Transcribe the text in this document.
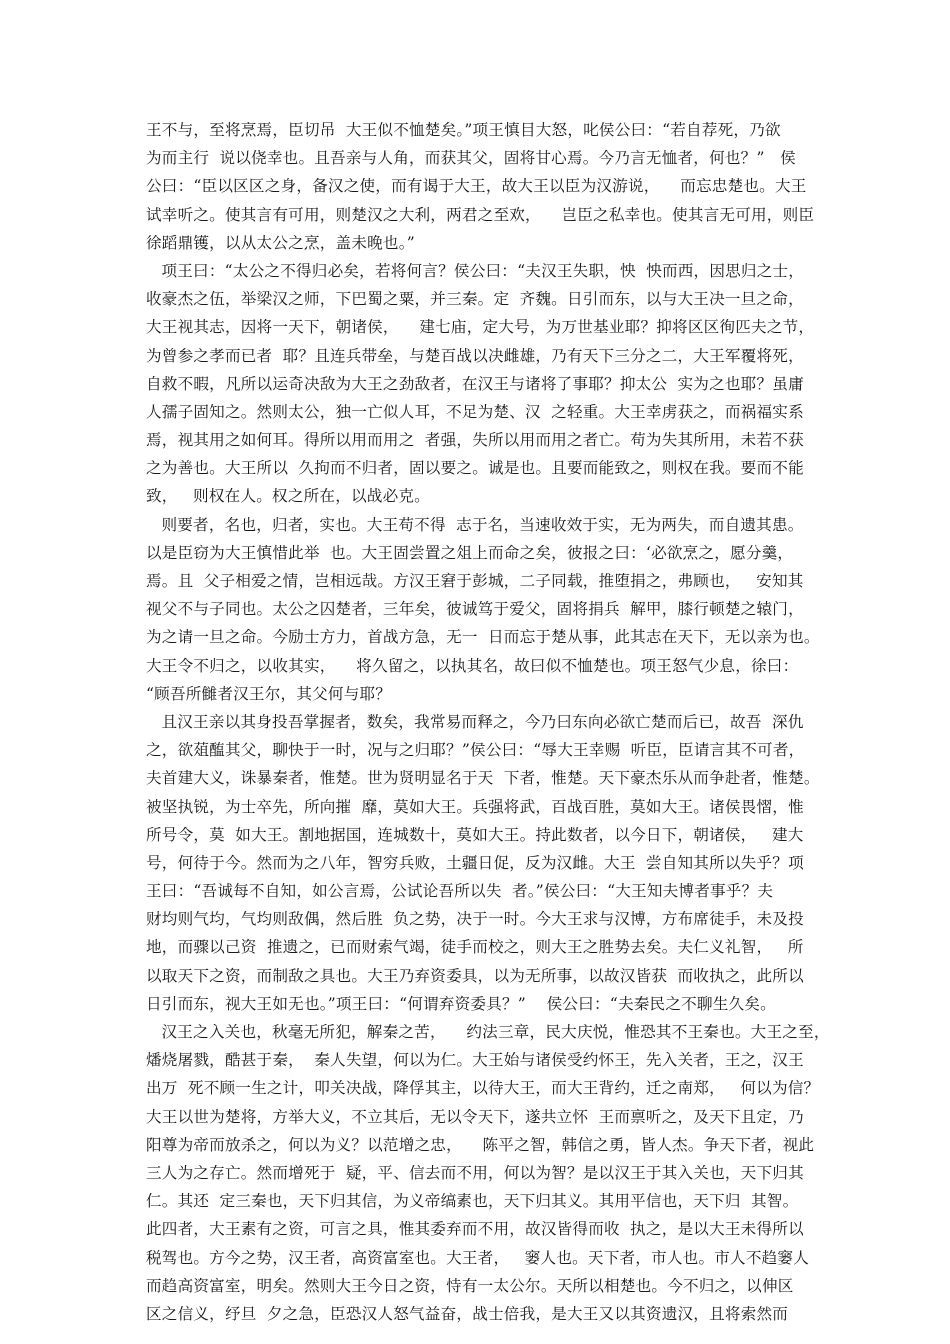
王不与，至将烹焉，臣切吊  大王似不恤楚矣。”项王慎目大怒，叱侯公曰：“若自荐死，乃欲
为而主行  说以侥幸也。且吾亲与人角，而获其父，固将甘心焉。今乃言无恤者，何也？”   侯
公曰：“臣以区区之身，备汉之使，而有谒于大王，故大王以臣为汉游说，    而忘忠楚也。大王
试幸听之。使其言有可用，则楚汉之大利，两君之至欢，    岂臣之私幸也。使其言无可用，则臣
徐蹈鼎镬，以从太公之烹，盖未晚也。”
项王曰：“太公之不得归必矣，若将何言？侯公曰：“夫汉王失职，怏  怏而西，因思归之士，
收豪杰之伍，举梁汉之师，下巴蜀之粟，并三秦。定  齐魏。日引而东，以与大王决一旦之命，
大王视其志，因将一天下，朝诸侯，    建七庙，定大号，为万世基业耶？抑将区区徇匹夫之节，
为曾参之孝而已者  耶？且连兵带垒，与楚百战以决雌雄，乃有天下三分之二，大王军覆将死，
自救不暇，凡所以运奇决敌为大王之劲敌者，在汉王与诸将了事耶？抑太公  实为之也耶？虽庸
人孺子固知之。然则太公，独一亡似人耳，不足为楚、汉  之轻重。大王幸虏获之，而祸福实系
焉，视其用之如何耳。得所以用而用之  者强，失所以用而用之者亡。苟为失其所用，未若不获
之为善也。大王所以  久拘而不归者，固以要之。诚是也。且要而能致之，则权在我。要而不能
致，   则权在人。权之所在，以战必克。
则要者，名也，归者，实也。大王苟不得  志于名，当速收效于实，无为两失，而自遗其患。
以是臣窃为大王慎惜此举  也。大王固尝置之俎上而命之矣，彼报之曰：‘必欲烹之，愿分羹，
焉。且  父子相爱之情，岂相远哉。方汉王窘于彭城，二子同载，推堕捐之，弗顾也，   安知其
视父不与子同也。太公之囚楚者，三年矣，彼诚笃于爱父，固将捐兵  解甲，膝行顿楚之辕门，
为之请一旦之命。今励士方力，首战方急，无一  日而忘于楚从事，此其志在天下，无以亲为也。
大王令不归之，以收其实，    将久留之，以执其名，故曰似不恤楚也。项王怒气少息，徐曰：
“顾吾所雠者汉王尔，其父何与耶？
且汉王亲以其身投吾掌握者，数矣，我常易而释之，今乃曰东向必欲亡楚而后已，故吾  深仇
之，欲葅醢其父，聊快于一时，况与之归耶？”侯公曰：“辱大王幸赐  听臣，臣请言其不可者，
夫首建大义，诛暴秦者，惟楚。世为贤明显名于天  下者，惟楚。天下豪杰乐从而争赴者，惟楚。
被坚执锐，为士卒先，所向摧  靡，莫如大王。兵强将武，百战百胜，莫如大王。诸侯畏慴，惟
所号令，莫  如大王。割地据国，连城数十，莫如大王。持此数者，以今日下，朝诸侯，   建大
号，何待于今。然而为之八年，智穷兵败，土疆日促，反为汉雌。大王  尝自知其所以失乎？项
王曰：“吾诚每不自知，如公言焉，公试论吾所以失  者。”侯公曰：“大王知夫博者事乎？夫
财均则气均，气均则敌偶，然后胜  负之势，决于一时。今大王求与汉博，方布席徒手，未及投
地，而骤以己资  推遗之，已而财索气竭，徒手而校之，则大王之胜势去矣。夫仁义礼智，   所
以取天下之资，而制敌之具也。大王乃弃资委具，以为无所事，以故汉皆获  而收执之，此所以
日引而东，视大王如无也。”项王曰：“何谓弃资委具？”    侯公曰：“夫秦民之不聊生久矣。
汉王之入关也，秋毫无所犯，解秦之苦，    约法三章，民大庆悦，惟恐其不王秦也。大王之至，
燔烧屠戮，酷甚于秦，  秦人失望，何以为仁。大王始与诸侯受约怀王，先入关者，王之，汉王
出万  死不顾一生之计，叩关决战，降俘其主，以待大王，而大王背约，迁之南郑，   何以为信？
大王以世为楚将，方举大义，不立其后，无以令天下，遂共立怀  王而禀听之，及天下且定，乃
阳尊为帝而放杀之，何以为义？以范增之忠，    陈平之智，韩信之勇，皆人杰。争天下者，视此
三人为之存亡。然而增死于  疑，平、信去而不用，何以为智？是以汉王于其入关也，天下归其
仁。其还  定三秦也，天下归其信，为义帝缟素也，天下归其义。其用平信也，天下归  其智。
此四者，大王素有之资，可言之具，惟其委弃而不用，故汉皆得而收  执之，是以大王未得所以
税驾也。方今之势，汉王者，高资富室也。大王者，   窭人也。天下者，市人也。市人不趋窭人
而趋高资富室，明矣。然则大王今日之资，恃有一太公尔。天所以相楚也。今不归之，以伸区
区之信义，纾旦  夕之急，臣恐汉人怒气益奋，战士倍我，是大王又以其资遗汉，且将索然而
